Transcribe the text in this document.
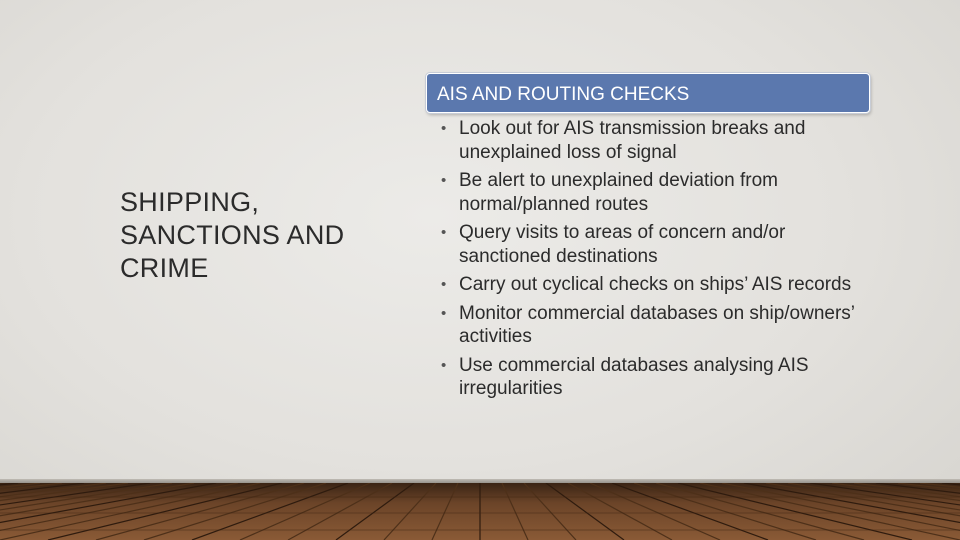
SHIPPING,
SANCTIONS AND
CRIME
AIS AND ROUTING CHECKS
• Look out for AIS transmission breaks and unexplained loss of signal
• Be alert to unexplained deviation from normal/planned routes
• Query visits to areas of concern and/or sanctioned destinations
• Carry out cyclical checks on ships’ AIS records
• Monitor commercial databases on ship/owners’ activities
• Use commercial databases analysing AIS irregularities
